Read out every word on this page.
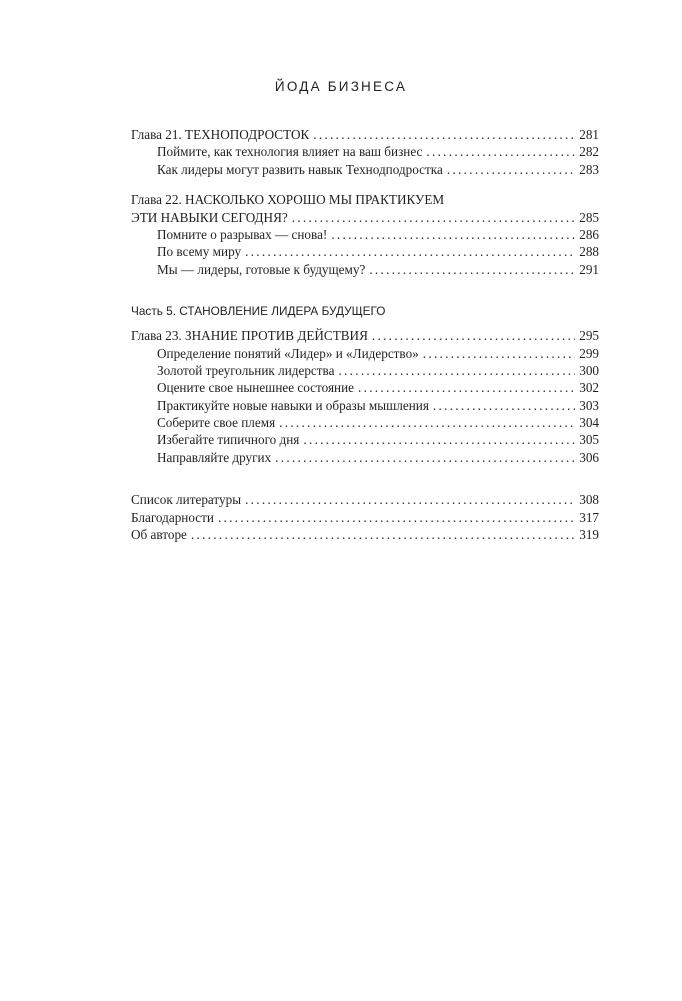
ЙОДА БИЗНЕСА
Глава 21. ТЕХНОПОДРОСТОК . . .	281
Поймите, как технология влияет на ваш бизнес . . .	282
Как лидеры могут развить навык Технодподростка . . .	283
Глава 22. НАСКОЛЬКО ХОРОШО МЫ ПРАКТИКУЕМ
ЭТИ НАВЫКИ СЕГОДНЯ? . . .	285
Помните о разрывах — снова! . . .	286
По всему миру . . .	288
Мы — лидеры, готовые к будущему? . . .	291
Часть 5. СТАНОВЛЕНИЕ ЛИДЕРА БУДУЩЕГО
Глава 23. ЗНАНИЕ ПРОТИВ ДЕЙСТВИЯ . . .	295
Определение понятий «Лидер» и «Лидерство» . . .	299
Золотой треугольник лидерства . . .	300
Оцените свое нынешнее состояние . . .	302
Практикуйте новые навыки и образы мышления . . .	303
Соберите свое племя . . .	304
Избегайте типичного дня . . .	305
Направляйте других . . .	306
Список литературы . . .	308
Благодарности . . .	317
Об авторе . . .	319
